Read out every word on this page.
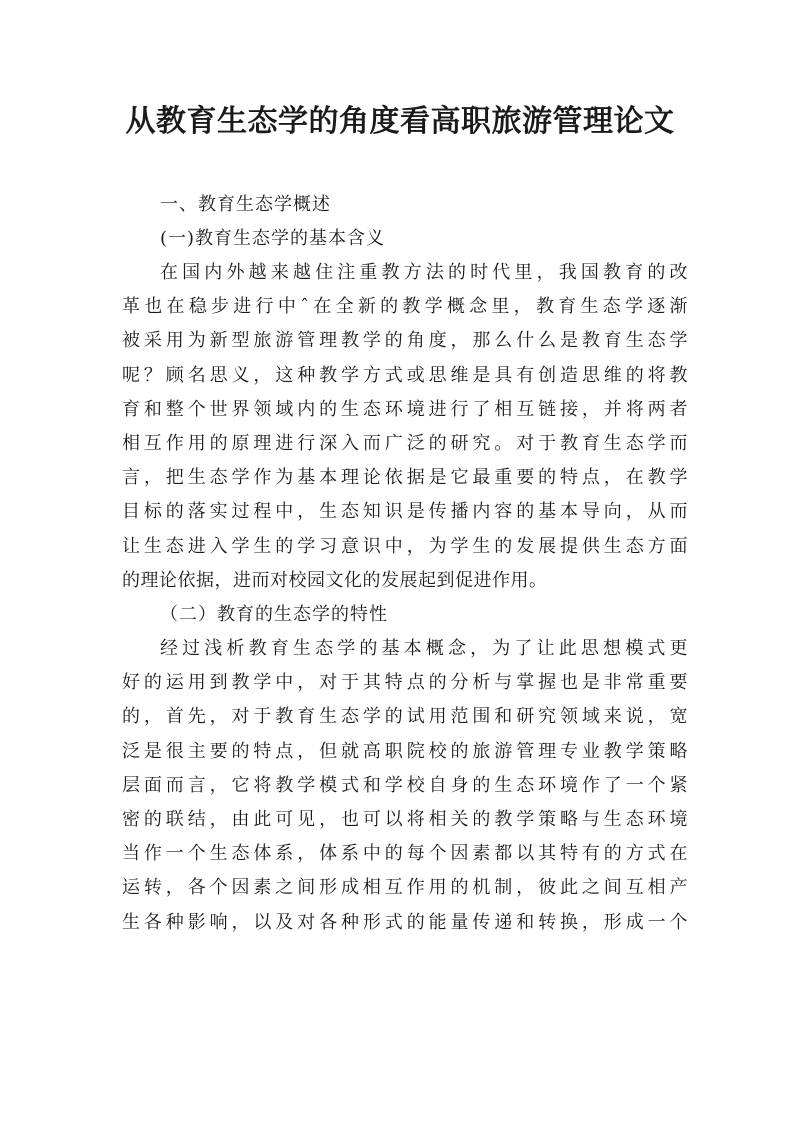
从教育生态学的角度看高职旅游管理论文

一、教育生态学概述

(一)教育生态学的基本含义

在国内外越来越住注重教方法的时代里，我国教育的改
革也在稳步进行中ˆ在全新的教学概念里，教育生态学逐渐
被采用为新型旅游管理教学的角度，那么什么是教育生态学
呢？顾名思义，这种教学方式或思维是具有创造思维的将教
育和整个世界领域内的生态环境进行了相互链接，并将两者
相互作用的原理进行深入而广泛的研究。对于教育生态学而
言，把生态学作为基本理论依据是它最重要的特点，在教学
目标的落实过程中，生态知识是传播内容的基本导向，从而
让生态进入学生的学习意识中，为学生的发展提供生态方面
的理论依据，进而对校园文化的发展起到促进作用。

（二）教育的生态学的特性

经过浅析教育生态学的基本概念，为了让此思想模式更
好的运用到教学中，对于其特点的分析与掌握也是非常重要
的，首先，对于教育生态学的试用范围和研究领域来说，宽
泛是很主要的特点，但就高职院校的旅游管理专业教学策略
层面而言，它将教学模式和学校自身的生态环境作了一个紧
密的联结，由此可见，也可以将相关的教学策略与生态环境
当作一个生态体系，体系中的每个因素都以其特有的方式在
运转，各个因素之间形成相互作用的机制，彼此之间互相产
生各种影响，以及对各种形式的能量传递和转换，形成一个
